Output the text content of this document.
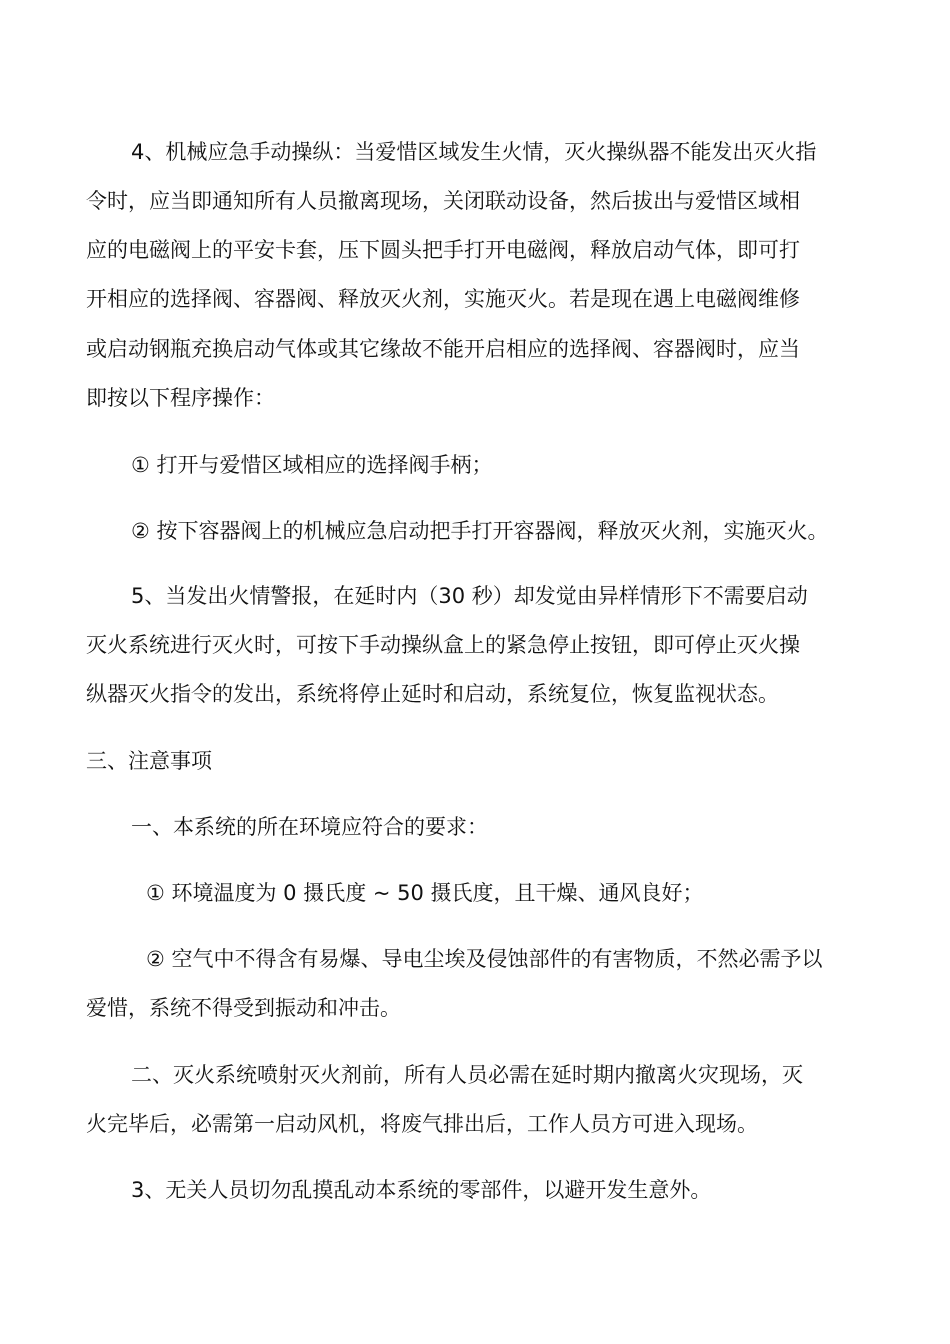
4、机械应急手动操纵：当爱惜区域发生火情，灭火操纵器不能发出灭火指

令时，应当即通知所有人员撤离现场，关闭联动设备，然后拔出与爱惜区域相

应的电磁阀上的平安卡套，压下圆头把手打开电磁阀，释放启动气体，即可打

开相应的选择阀、容器阀、释放灭火剂，实施灭火。若是现在遇上电磁阀维修

或启动钢瓶充换启动气体或其它缘故不能开启相应的选择阀、容器阀时，应当

即按以下程序操作：

① 打开与爱惜区域相应的选择阀手柄；

② 按下容器阀上的机械应急启动把手打开容器阀，释放灭火剂，实施灭火。

5、当发出火情警报，在延时内（30 秒）却发觉由异样情形下不需要启动

灭火系统进行灭火时，可按下手动操纵盒上的紧急停止按钮，即可停止灭火操

纵器灭火指令的发出，系统将停止延时和启动，系统复位，恢复监视状态。

三、注意事项

一、本系统的所在环境应符合的要求：

① 环境温度为 0 摄氏度 ~ 50 摄氏度，且干燥、通风良好；

② 空气中不得含有易爆、导电尘埃及侵蚀部件的有害物质，不然必需予以

爱惜，系统不得受到振动和冲击。

二、灭火系统喷射灭火剂前，所有人员必需在延时期内撤离火灾现场，灭

火完毕后，必需第一启动风机，将废气排出后，工作人员方可进入现场。

3、无关人员切勿乱摸乱动本系统的零部件，以避开发生意外。
